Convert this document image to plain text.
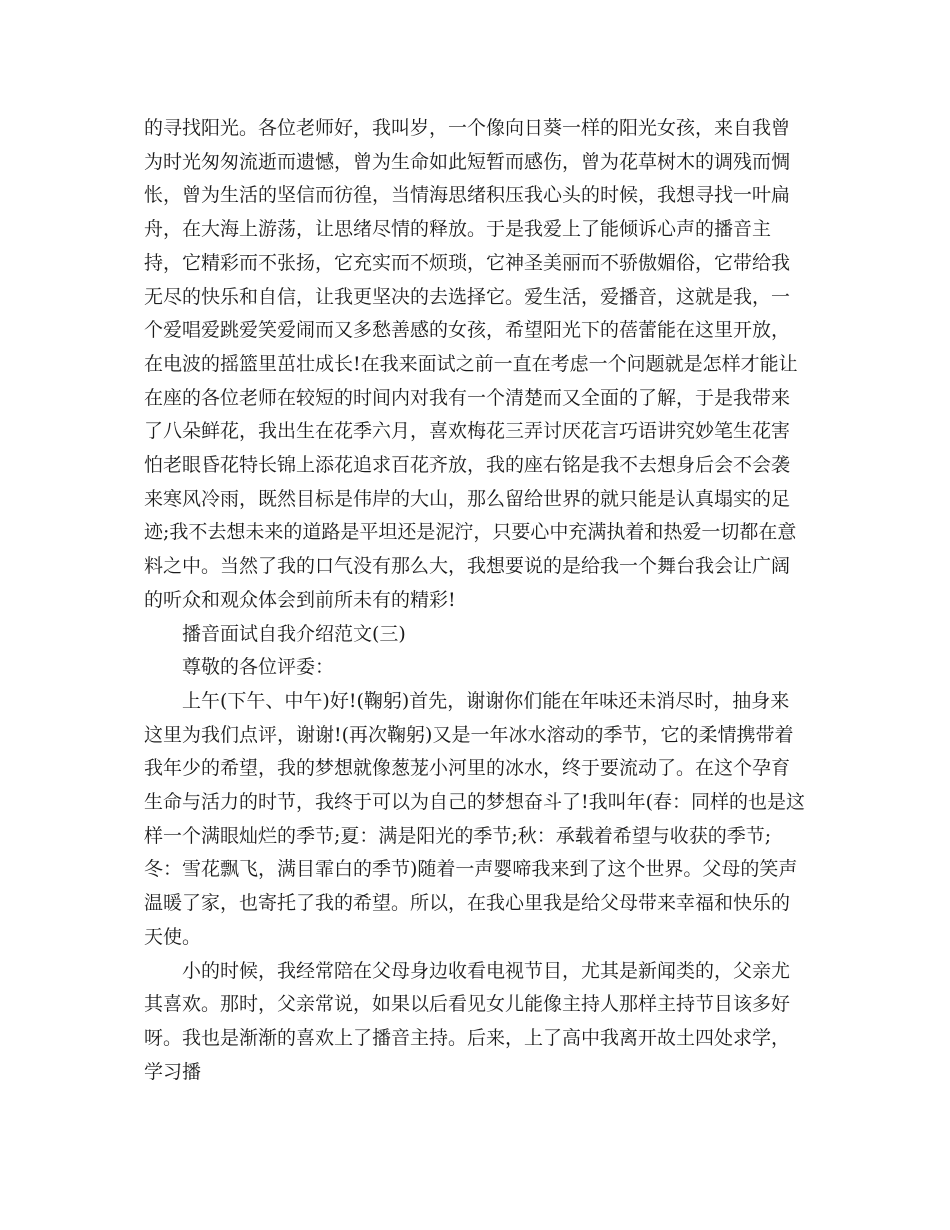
的寻找阳光。各位老师好，我叫岁，一个像向日葵一样的阳光女孩，来自我曾为时光匆匆流逝而遗憾，曾为生命如此短暂而感伤，曾为花草树木的调残而惆怅，曾为生活的坚信而彷徨，当情海思绪积压我心头的时候，我想寻找一叶扁舟，在大海上游荡，让思绪尽情的释放。于是我爱上了能倾诉心声的播音主持，它精彩而不张扬，它充实而不烦琐，它神圣美丽而不骄傲媚俗，它带给我无尽的快乐和自信，让我更坚决的去选择它。爱生活，爱播音，这就是我，一个爱唱爱跳爱笑爱闹而又多愁善感的女孩，希望阳光下的蓓蕾能在这里开放，在电波的摇篮里茁壮成长!在我来面试之前一直在考虑一个问题就是怎样才能让在座的各位老师在较短的时间内对我有一个清楚而又全面的了解，于是我带来了八朵鲜花，我出生在花季六月，喜欢梅花三弄讨厌花言巧语讲究妙笔生花害怕老眼昏花特长锦上添花追求百花齐放，我的座右铭是我不去想身后会不会袭来寒风冷雨，既然目标是伟岸的大山，那么留给世界的就只能是认真塌实的足迹;我不去想未来的道路是平坦还是泥泞，只要心中充满执着和热爱一切都在意料之中。当然了我的口气没有那么大，我想要说的是给我一个舞台我会让广阔的听众和观众体会到前所未有的精彩!

播音面试自我介绍范文(三)

尊敬的各位评委：

上午(下午、中午)好!(鞠躬)首先，谢谢你们能在年味还未消尽时，抽身来这里为我们点评，谢谢!(再次鞠躬)又是一年冰水溶动的季节，它的柔情携带着我年少的希望，我的梦想就像葱茏小河里的冰水，终于要流动了。在这个孕育生命与活力的时节，我终于可以为自己的梦想奋斗了!我叫年(春：同样的也是这样一个满眼灿烂的季节;夏：满是阳光的季节;秋：承载着希望与收获的季节;冬：雪花飘飞，满目霏白的季节)随着一声婴啼我来到了这个世界。父母的笑声温暖了家，也寄托了我的希望。所以，在我心里我是给父母带来幸福和快乐的天使。

小的时候，我经常陪在父母身边收看电视节目，尤其是新闻类的，父亲尤其喜欢。那时，父亲常说，如果以后看见女儿能像主持人那样主持节目该多好呀。我也是渐渐的喜欢上了播音主持。后来，上了高中我离开故土四处求学，学习播
